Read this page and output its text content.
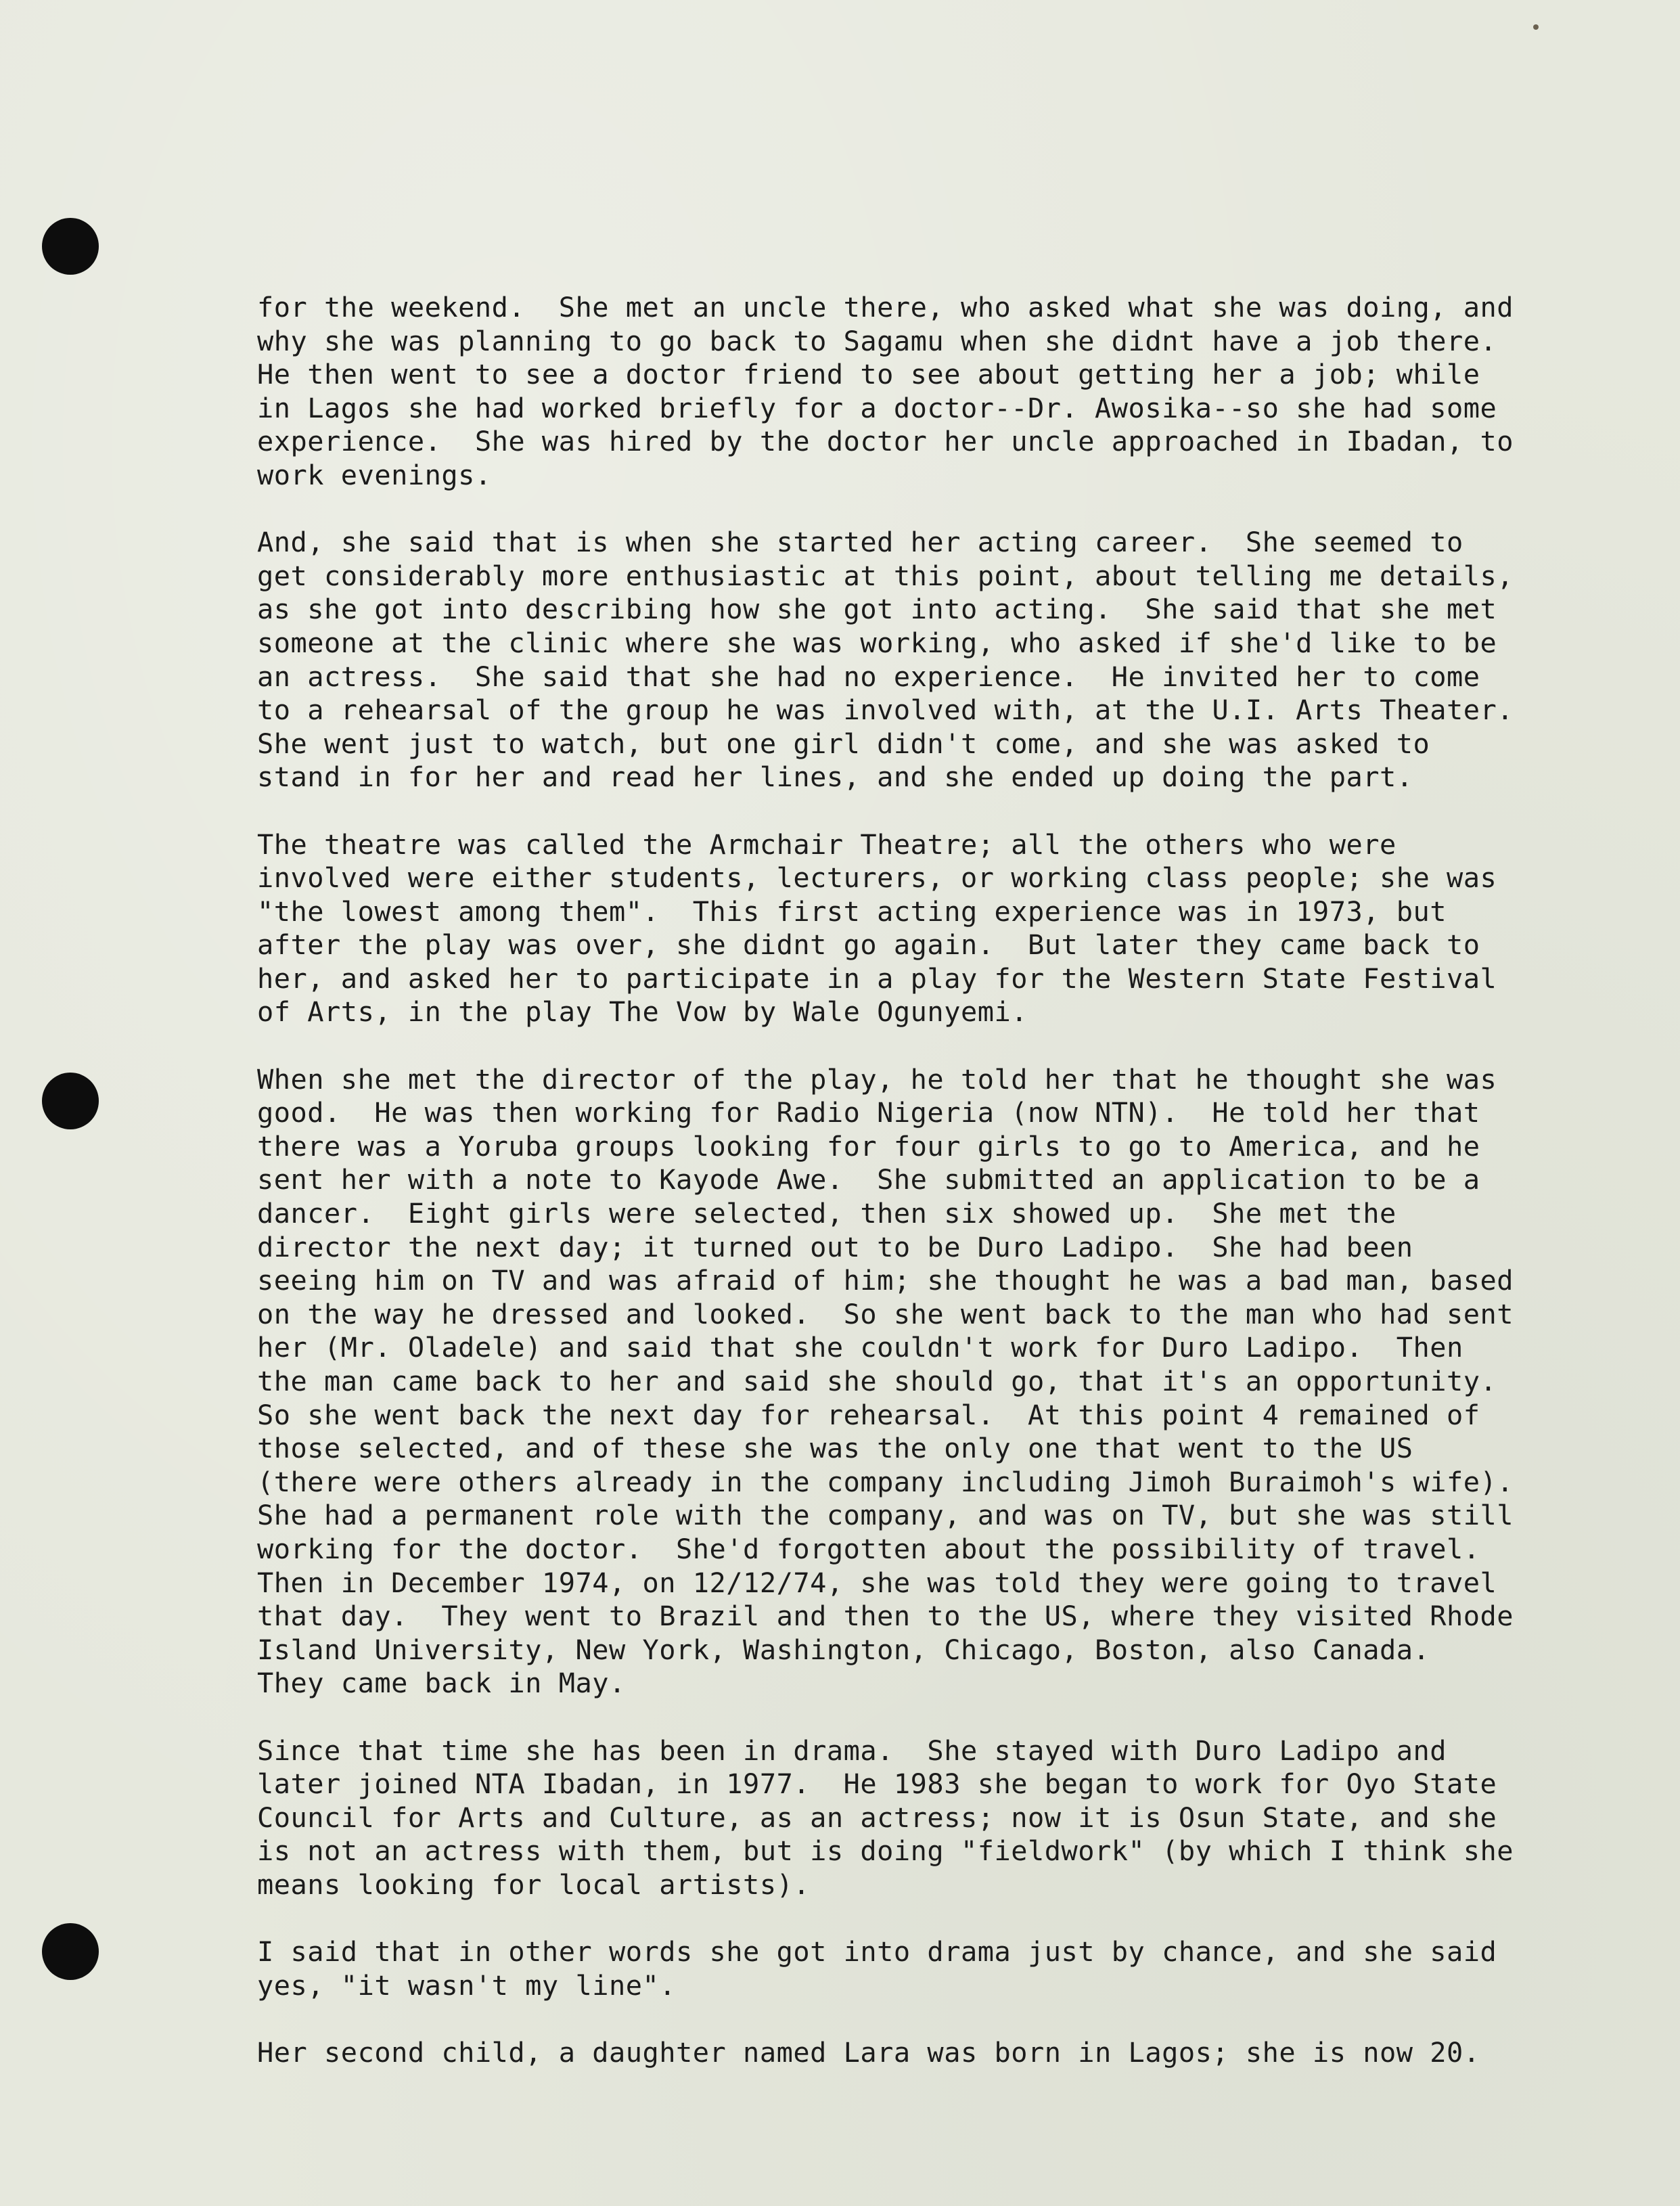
for the weekend.  She met an uncle there, who asked what she was doing, and
why she was planning to go back to Sagamu when she didnt have a job there.
He then went to see a doctor friend to see about getting her a job; while
in Lagos she had worked briefly for a doctor--Dr. Awosika--so she had some
experience.  She was hired by the doctor her uncle approached in Ibadan, to
work evenings.

And, she said that is when she started her acting career.  She seemed to
get considerably more enthusiastic at this point, about telling me details,
as she got into describing how she got into acting.  She said that she met
someone at the clinic where she was working, who asked if she'd like to be
an actress.  She said that she had no experience.  He invited her to come
to a rehearsal of the group he was involved with, at the U.I. Arts Theater.
She went just to watch, but one girl didn't come, and she was asked to
stand in for her and read her lines, and she ended up doing the part.

The theatre was called the Armchair Theatre; all the others who were
involved were either students, lecturers, or working class people; she was
"the lowest among them".  This first acting experience was in 1973, but
after the play was over, she didnt go again.  But later they came back to
her, and asked her to participate in a play for the Western State Festival
of Arts, in the play The Vow by Wale Ogunyemi.

When she met the director of the play, he told her that he thought she was
good.  He was then working for Radio Nigeria (now NTN).  He told her that
there was a Yoruba groups looking for four girls to go to America, and he
sent her with a note to Kayode Awe.  She submitted an application to be a
dancer.  Eight girls were selected, then six showed up.  She met the
director the next day; it turned out to be Duro Ladipo.  She had been
seeing him on TV and was afraid of him; she thought he was a bad man, based
on the way he dressed and looked.  So she went back to the man who had sent
her (Mr. Oladele) and said that she couldn't work for Duro Ladipo.  Then
the man came back to her and said she should go, that it's an opportunity.
So she went back the next day for rehearsal.  At this point 4 remained of
those selected, and of these she was the only one that went to the US
(there were others already in the company including Jimoh Buraimoh's wife).
She had a permanent role with the company, and was on TV, but she was still
working for the doctor.  She'd forgotten about the possibility of travel.
Then in December 1974, on 12/12/74, she was told they were going to travel
that day.  They went to Brazil and then to the US, where they visited Rhode
Island University, New York, Washington, Chicago, Boston, also Canada.
They came back in May.

Since that time she has been in drama.  She stayed with Duro Ladipo and
later joined NTA Ibadan, in 1977.  He 1983 she began to work for Oyo State
Council for Arts and Culture, as an actress; now it is Osun State, and she
is not an actress with them, but is doing "fieldwork" (by which I think she
means looking for local artists).

I said that in other words she got into drama just by chance, and she said
yes, "it wasn't my line".

Her second child, a daughter named Lara was born in Lagos; she is now 20.
